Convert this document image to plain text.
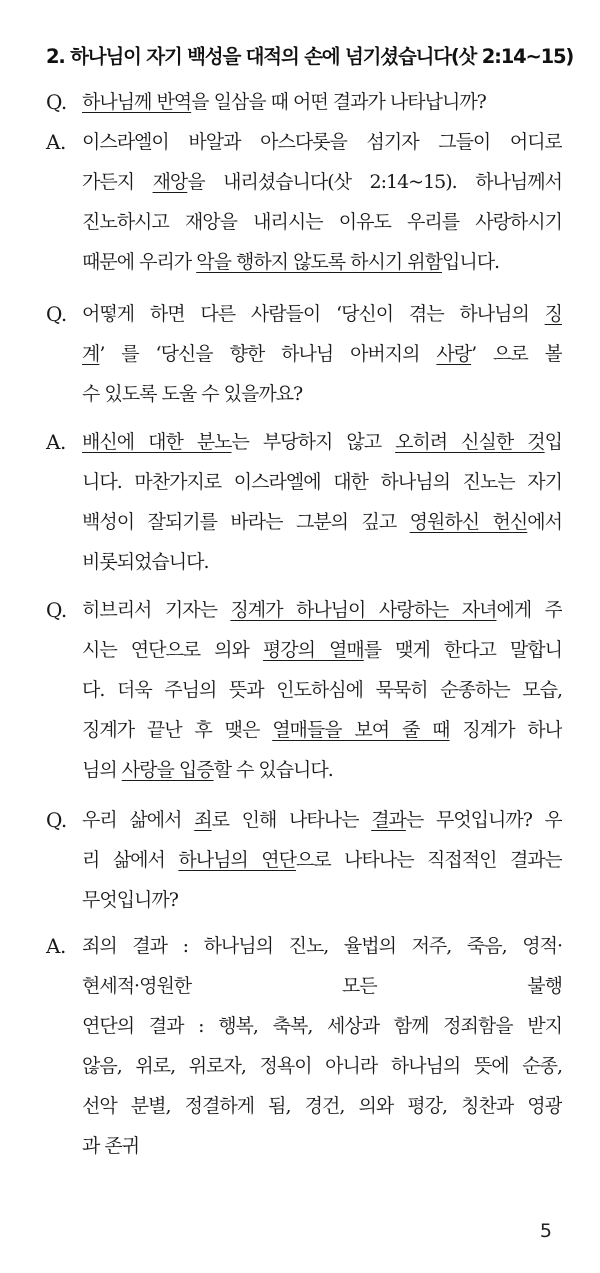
2. 하나님이 자기 백성을 대적의 손에 넘기셨습니다(삿 2:14~15)
Q. 하나님께 반역을 일삼을 때 어떤 결과가 나타납니까?
A. 이스라엘이 바알과 아스다롯을 섬기자 그들이 어디로
가든지 재앙을 내리셨습니다(삿 2:14~15). 하나님께서
진노하시고 재앙을 내리시는 이유도 우리를 사랑하시기
때문에 우리가 악을 행하지 않도록 하시기 위함입니다.
Q. 어떻게 하면 다른 사람들이 ‘당신이 겪는 하나님의 징
계’ 를 ‘당신을 향한 하나님 아버지의 사랑’ 으로 볼
수 있도록 도울 수 있을까요?
A. 배신에 대한 분노는 부당하지 않고 오히려 신실한 것입
니다. 마찬가지로 이스라엘에 대한 하나님의 진노는 자기
백성이 잘되기를 바라는 그분의 깊고 영원하신 헌신에서
비롯되었습니다.
Q. 히브리서 기자는 징계가 하나님이 사랑하는 자녀에게 주
시는 연단으로 의와 평강의 열매를 맺게 한다고 말합니
다. 더욱 주님의 뜻과 인도하심에 묵묵히 순종하는 모습,
징계가 끝난 후 맺은 열매들을 보여 줄 때 징계가 하나
님의 사랑을 입증할 수 있습니다.
Q. 우리 삶에서 죄로 인해 나타나는 결과는 무엇입니까? 우
리 삶에서 하나님의 연단으로 나타나는 직접적인 결과는
무엇입니까?
A. 죄의 결과 : 하나님의 진노, 율법의 저주, 죽음, 영적·
현세적·영원한 모든 불행
연단의 결과 : 행복, 축복, 세상과 함께 정죄함을 받지
않음, 위로, 위로자, 정욕이 아니라 하나님의 뜻에 순종,
선악 분별, 정결하게 됨, 경건, 의와 평강, 칭찬과 영광
과 존귀
5
